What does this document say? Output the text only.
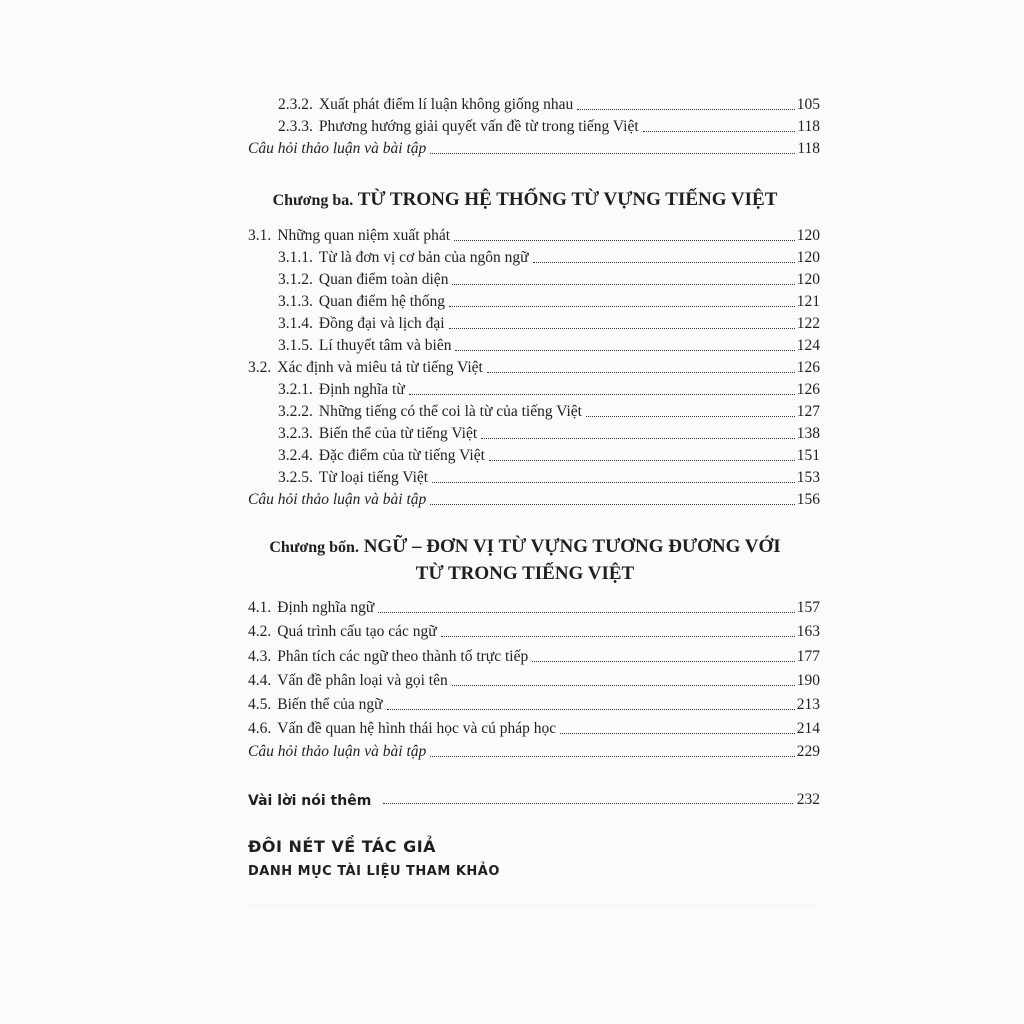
2.3.2. Xuất phát điểm lí luận không giống nhau	105
2.3.3. Phương hướng giải quyết vấn đề từ trong tiếng Việt	118
Câu hỏi thảo luận và bài tập	118
Chương ba. TỪ TRONG HỆ THỐNG TỪ VỰNG TIẾNG VIỆT
3.1. Những quan niệm xuất phát	120
3.1.1. Từ là đơn vị cơ bản của ngôn ngữ	120
3.1.2. Quan điểm toàn diện	120
3.1.3. Quan điểm hệ thống	121
3.1.4. Đồng đại và lịch đại	122
3.1.5. Lí thuyết tâm và biên	124
3.2. Xác định và miêu tả từ tiếng Việt	126
3.2.1. Định nghĩa từ	126
3.2.2. Những tiếng có thể coi là từ của tiếng Việt	127
3.2.3. Biến thể của từ tiếng Việt	138
3.2.4. Đặc điểm của từ tiếng Việt	151
3.2.5. Từ loại tiếng Việt	153
Câu hỏi thảo luận và bài tập	156
Chương bốn. NGỮ – ĐƠN VỊ TỪ VỰNG TƯƠNG ĐƯƠNG VỚI
TỪ TRONG TIẾNG VIỆT
4.1. Định nghĩa ngữ	157
4.2. Quá trình cấu tạo các ngữ	163
4.3. Phân tích các ngữ theo thành tố trực tiếp	177
4.4. Vấn đề phân loại và gọi tên	190
4.5. Biến thể của ngữ	213
4.6. Vấn đề quan hệ hình thái học và cú pháp học	214
Câu hỏi thảo luận và bài tập	229
Vài lời nói thêm	232
ĐÔI NÉT VỀ TÁC GIẢ
DANH MỤC TÀI LIỆU THAM KHẢO
